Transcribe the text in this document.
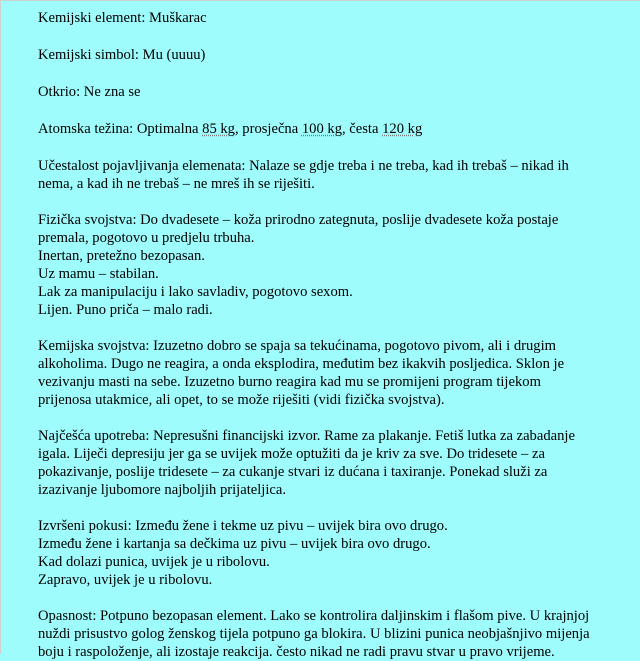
Kemijski element: Muškarac
Kemijski simbol: Mu (uuuu)
Otkrio: Ne zna se
Atomska težina: Optimalna 85 kg, prosječna 100 kg, česta 120 kg
Učestalost pojavljivanja elemenata: Nalaze se gdje treba i ne treba, kad ih trebaš – nikad ih
nema, a kad ih ne trebaš – ne mreš ih se riješiti.
Fizička svojstva: Do dvadesete – koža prirodno zategnuta, poslije dvadesete koža postaje
premala, pogotovo u predjelu trbuha.
Inertan, pretežno bezopasan.
Uz mamu – stabilan.
Lak za manipulaciju i lako savladiv, pogotovo sexom.
Lijen. Puno priča – malo radi.
Kemijska svojstva: Izuzetno dobro se spaja sa tekućinama, pogotovo pivom, ali i drugim
alkoholima. Dugo ne reagira, a onda eksplodira, međutim bez ikakvih posljedica. Sklon je
vezivanju masti na sebe. Izuzetno burno reagira kad mu se promijeni program tijekom
prijenosa utakmice, ali opet, to se može riješiti (vidi fizička svojstva).
Najčešća upotreba: Nepresušni financijski izvor. Rame za plakanje. Fetiš lutka za zabadanje
igala. Liječi depresiju jer ga se uvijek može optužiti da je kriv za sve. Do tridesete – za
pokazivanje, poslije tridesete – za cukanje stvari iz dućana i taxiranje. Ponekad služi za
izazivanje ljubomore najboljih prijateljica.
Izvršeni pokusi: Između žene i tekme uz pivu – uvijek bira ovo drugo.
Između žene i kartanja sa dečkima uz pivu – uvijek bira ovo drugo.
Kad dolazi punica, uvijek je u ribolovu.
Zapravo, uvijek je u ribolovu.
Opasnost: Potpuno bezopasan element. Lako se kontrolira daljinskim i flašom pive. U krajnjoj
nuždi prisustvo golog ženskog tijela potpuno ga blokira. U blizini punica neobjašnjivo mijenja
boju i raspoloženje, ali izostaje reakcija. često nikad ne radi pravu stvar u pravo vrijeme.
